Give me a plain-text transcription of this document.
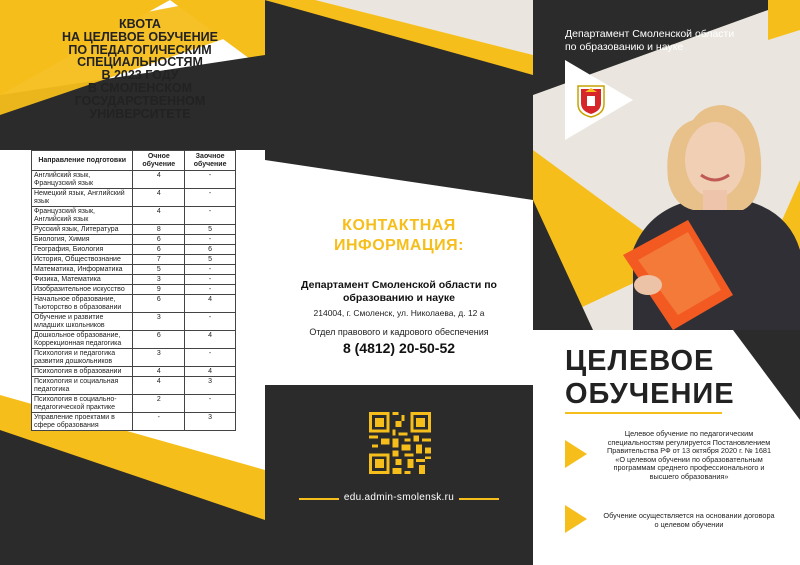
КВОТА
НА ЦЕЛЕВОЕ ОБУЧЕНИЕ
ПО ПЕДАГОГИЧЕСКИМ
СПЕЦИАЛЬНОСТЯМ
В 2023 ГОДУ
В СМОЛЕНСКОМ
ГОСУДАРСТВЕННОМ
УНИВЕРСИТЕТЕ
Направление подготовки	Очное обучение	Заочное обучение
Английский язык, Французский язык	4	-
Немецкий язык, Английский язык	4	-
Французский язык, Английский язык	4	-
Русский язык, Литература	8	5
Биология, Химия	6	-
География, Биология	6	6
История, Обществознание	7	5
Математика, Информатика	5	-
Физика, Математика	3	-
Изобразительное искусство	9	-
Начальное образование, Тьюторство в образовании	6	4
Обучение и развитие младших школьников	3	-
Дошкольное образование, Коррекционная педагогика	6	4
Психология и педагогика развития дошкольников	3	-
Психология в образовании	4	4
Психология и социальная педагогика	4	3
Психология в социально-педагогической практике	2	-
Управление проектами в сфере образования	-	3
КОНТАКТНАЯ
ИНФОРМАЦИЯ:
Департамент Смоленской области по образованию и науке
214004, г. Смоленск, ул. Николаева, д. 12 а
Отдел правового и кадрового обеспечения
8 (4812) 20-50-52
edu.admin-smolensk.ru
Департамент Смоленской области
по образованию и науке
ЦЕЛЕВОЕ
ОБУЧЕНИЕ
Целевое обучение по педагогическим специальностям регулируется Постановлением Правительства РФ от 13 октября 2020 г. № 1681 «О целевом обучении по образовательным программам среднего профессионального и высшего образования»
Обучение осуществляется на основании договора о целевом обучении
